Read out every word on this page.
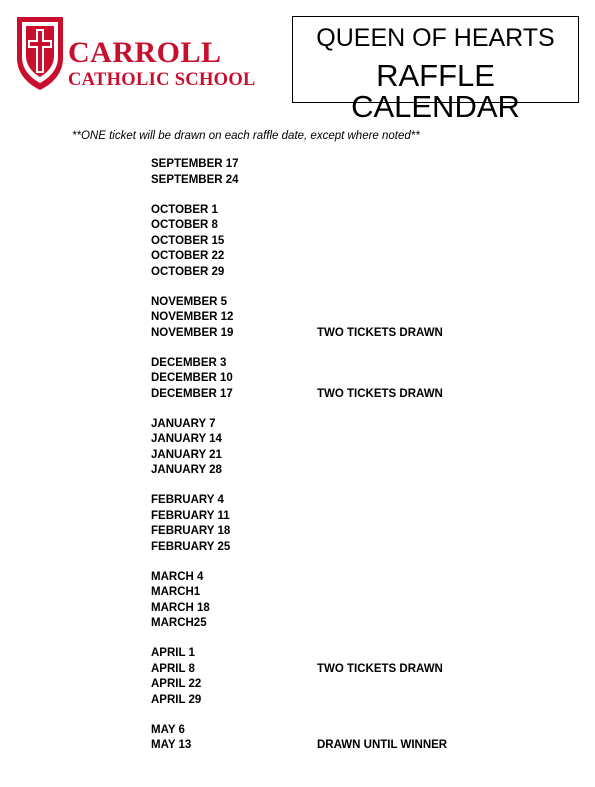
CARROLL
CATHOLIC SCHOOL
QUEEN OF HEARTS
RAFFLE CALENDAR
**ONE ticket will be drawn on each raffle date, except where noted**
SEPTEMBER 17
SEPTEMBER 24
OCTOBER 1
OCTOBER 8
OCTOBER 15
OCTOBER 22
OCTOBER 29
NOVEMBER 5
NOVEMBER 12
NOVEMBER 19	TWO TICKETS DRAWN
DECEMBER 3
DECEMBER 10
DECEMBER 17	TWO TICKETS DRAWN
JANUARY 7
JANUARY 14
JANUARY 21
JANUARY 28
FEBRUARY 4
FEBRUARY 11
FEBRUARY 18
FEBRUARY 25
MARCH 4
MARCH1
MARCH 18
MARCH25
APRIL 1
APRIL 8	TWO TICKETS DRAWN
APRIL 22
APRIL 29
MAY 6
MAY 13	DRAWN UNTIL WINNER
